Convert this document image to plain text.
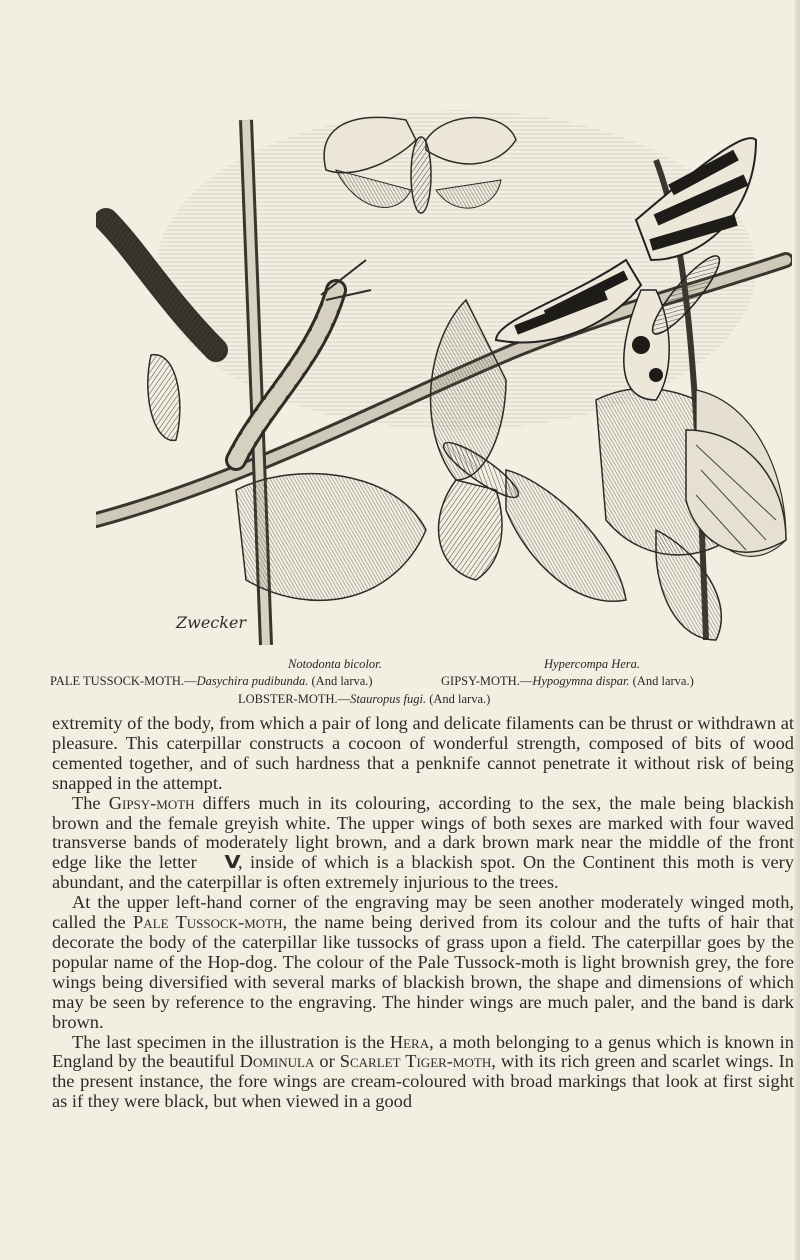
Zwecker
Notodonta bicolor.	Hypercompa Hera.
PALE TUSSOCK-MOTH.—Dasychira pudibunda. (And larva.)	GIPSY-MOTH.—Hypogymna dispar. (And larva.)
LOBSTER-MOTH.—Stauropus fugi. (And larva.)

extremity of the body, from which a pair of long and delicate filaments can be thrust or withdrawn at pleasure. This caterpillar constructs a cocoon of wonderful strength, composed of bits of wood cemented together, and of such hardness that a penknife cannot penetrate it without risk of being snapped in the attempt.

The Gipsy-moth differs much in its colouring, according to the sex, the male being blackish brown and the female greyish white. The upper wings of both sexes are marked with four waved transverse bands of moderately light brown, and a dark brown mark near the middle of the front edge like the letter V, inside of which is a blackish spot. On the Continent this moth is very abundant, and the caterpillar is often extremely injurious to the trees.

At the upper left-hand corner of the engraving may be seen another moderately winged moth, called the Pale Tussock-moth, the name being derived from its colour and the tufts of hair that decorate the body of the caterpillar like tussocks of grass upon a field. The caterpillar goes by the popular name of the Hop-dog. The colour of the Pale Tussock-moth is light brownish grey, the fore wings being diversified with several marks of blackish brown, the shape and dimensions of which may be seen by reference to the engraving. The hinder wings are much paler, and the band is dark brown.

The last specimen in the illustration is the Hera, a moth belonging to a genus which is known in England by the beautiful Dominula or Scarlet Tiger-moth, with its rich green and scarlet wings. In the present instance, the fore wings are cream-coloured with broad markings that look at first sight as if they were black, but when viewed in a good
